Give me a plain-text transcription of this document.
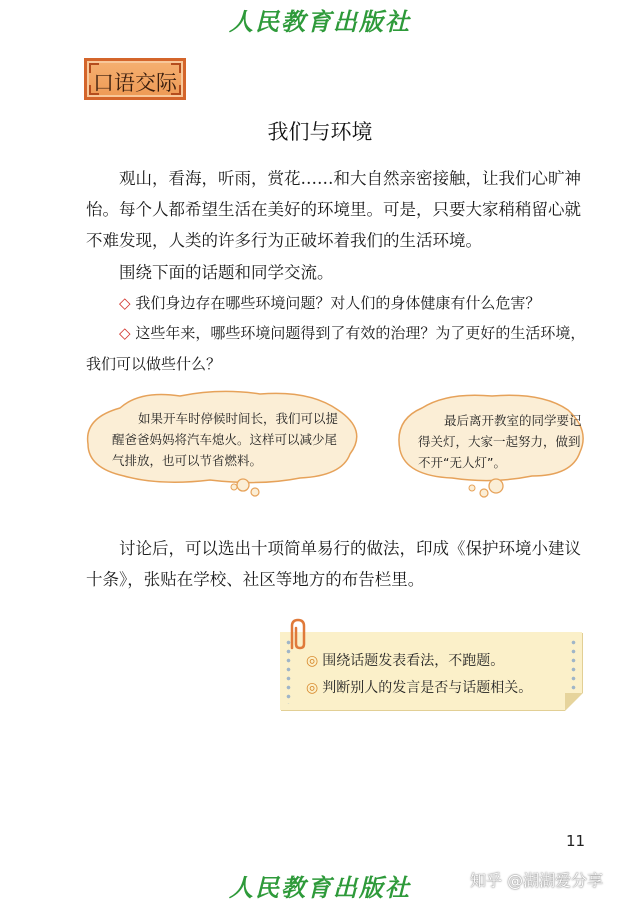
人民教育出版社
口语交际
我们与环境
观山，看海，听雨，赏花……和大自然亲密接触，让我们心旷神怡。每个人都希望生活在美好的环境里。可是，只要大家稍稍留心就不难发现，人类的许多行为正破坏着我们的生活环境。
围绕下面的话题和同学交流。
◇ 我们身边存在哪些环境问题？对人们的身体健康有什么危害？
◇ 这些年来，哪些环境问题得到了有效的治理？为了更好的生活环境，我们可以做些什么？
如果开车时停候时间长，我们可以提醒爸爸妈妈将汽车熄火。这样可以减少尾气排放，也可以节省燃料。
最后离开教室的同学要记得关灯，大家一起努力，做到不开“无人灯”。
讨论后，可以选出十项简单易行的做法，印成《保护环境小建议十条》，张贴在学校、社区等地方的布告栏里。
◎ 围绕话题发表看法，不跑题。
◎ 判断别人的发言是否与话题相关。
11
人民教育出版社	知乎 @湖湖爱分享
